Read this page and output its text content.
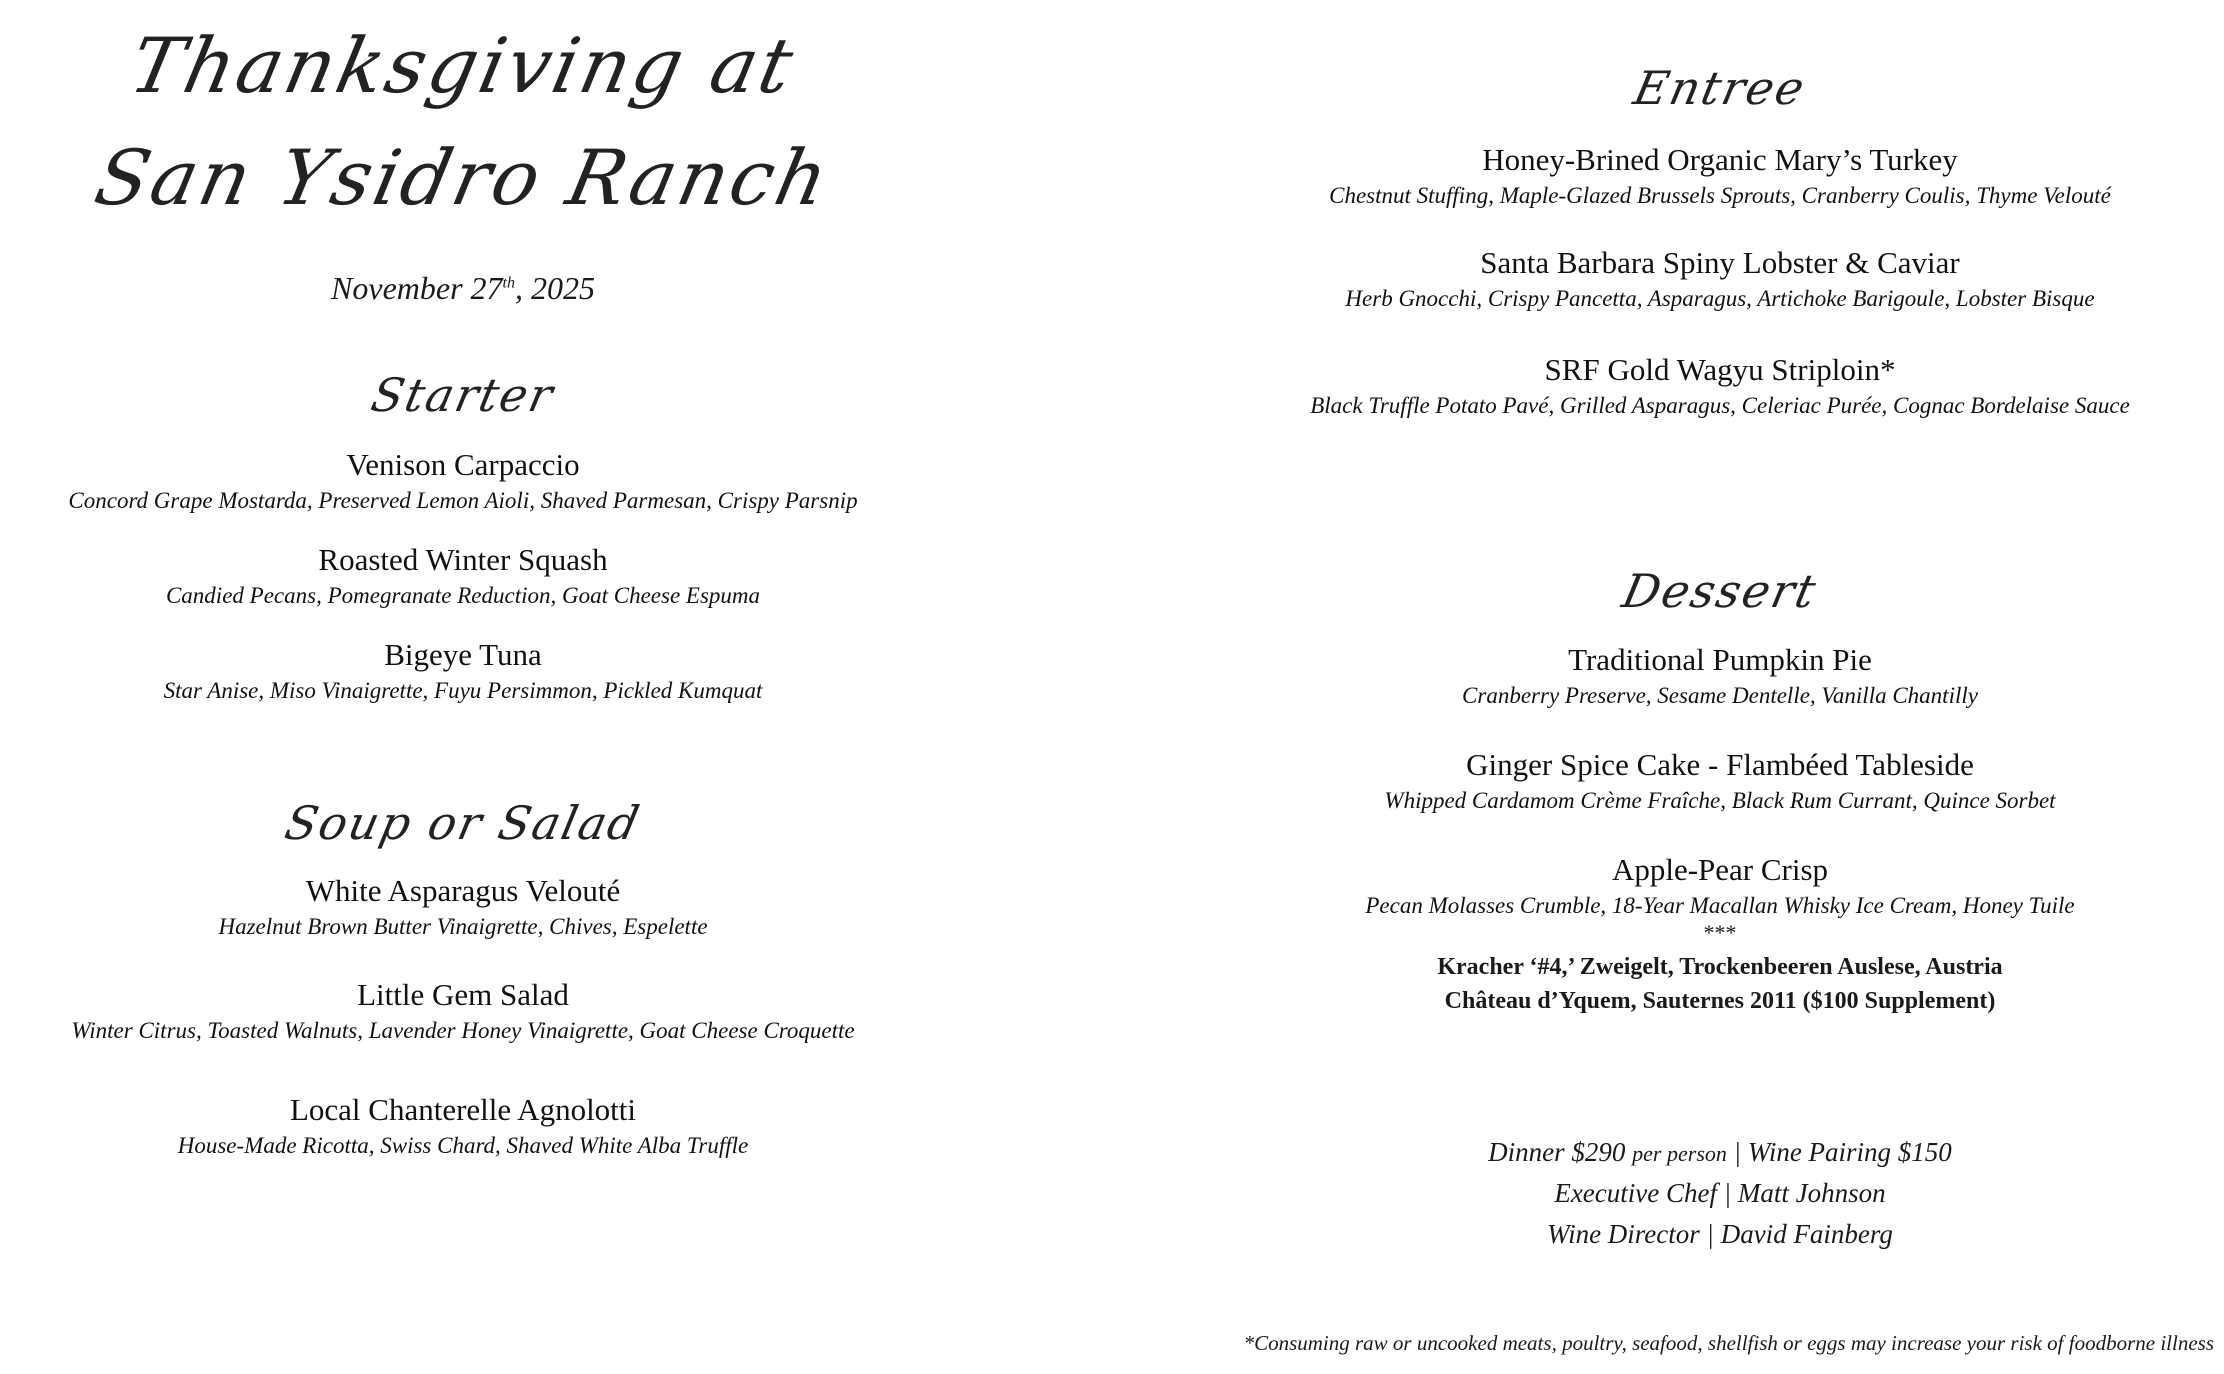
Thanksgiving at
San Ysidro Ranch
November 27th, 2025
Starter
Venison Carpaccio
Concord Grape Mostarda, Preserved Lemon Aioli, Shaved Parmesan, Crispy Parsnip
Roasted Winter Squash
Candied Pecans, Pomegranate Reduction, Goat Cheese Espuma
Bigeye Tuna
Star Anise, Miso Vinaigrette, Fuyu Persimmon, Pickled Kumquat
Soup or Salad
White Asparagus Velouté
Hazelnut Brown Butter Vinaigrette, Chives, Espelette
Little Gem Salad
Winter Citrus, Toasted Walnuts, Lavender Honey Vinaigrette, Goat Cheese Croquette
Local Chanterelle Agnolotti
House-Made Ricotta, Swiss Chard, Shaved White Alba Truffle
Entree
Honey-Brined Organic Mary’s Turkey
Chestnut Stuffing, Maple-Glazed Brussels Sprouts, Cranberry Coulis, Thyme Velouté
Santa Barbara Spiny Lobster & Caviar
Herb Gnocchi, Crispy Pancetta, Asparagus, Artichoke Barigoule, Lobster Bisque
SRF Gold Wagyu Striploin*
Black Truffle Potato Pavé, Grilled Asparagus, Celeriac Purée, Cognac Bordelaise Sauce
Dessert
Traditional Pumpkin Pie
Cranberry Preserve, Sesame Dentelle, Vanilla Chantilly
Ginger Spice Cake - Flambéed Tableside
Whipped Cardamom Crème Fraîche, Black Rum Currant, Quince Sorbet
Apple-Pear Crisp
Pecan Molasses Crumble, 18-Year Macallan Whisky Ice Cream, Honey Tuile
***
Kracher ‘#4,’ Zweigelt, Trockenbeeren Auslese, Austria
Château d’Yquem, Sauternes 2011 ($100 Supplement)
Dinner $290 per person | Wine Pairing $150
Executive Chef | Matt Johnson
Wine Director | David Fainberg
*Consuming raw or uncooked meats, poultry, seafood, shellfish or eggs may increase your risk of foodborne illness
